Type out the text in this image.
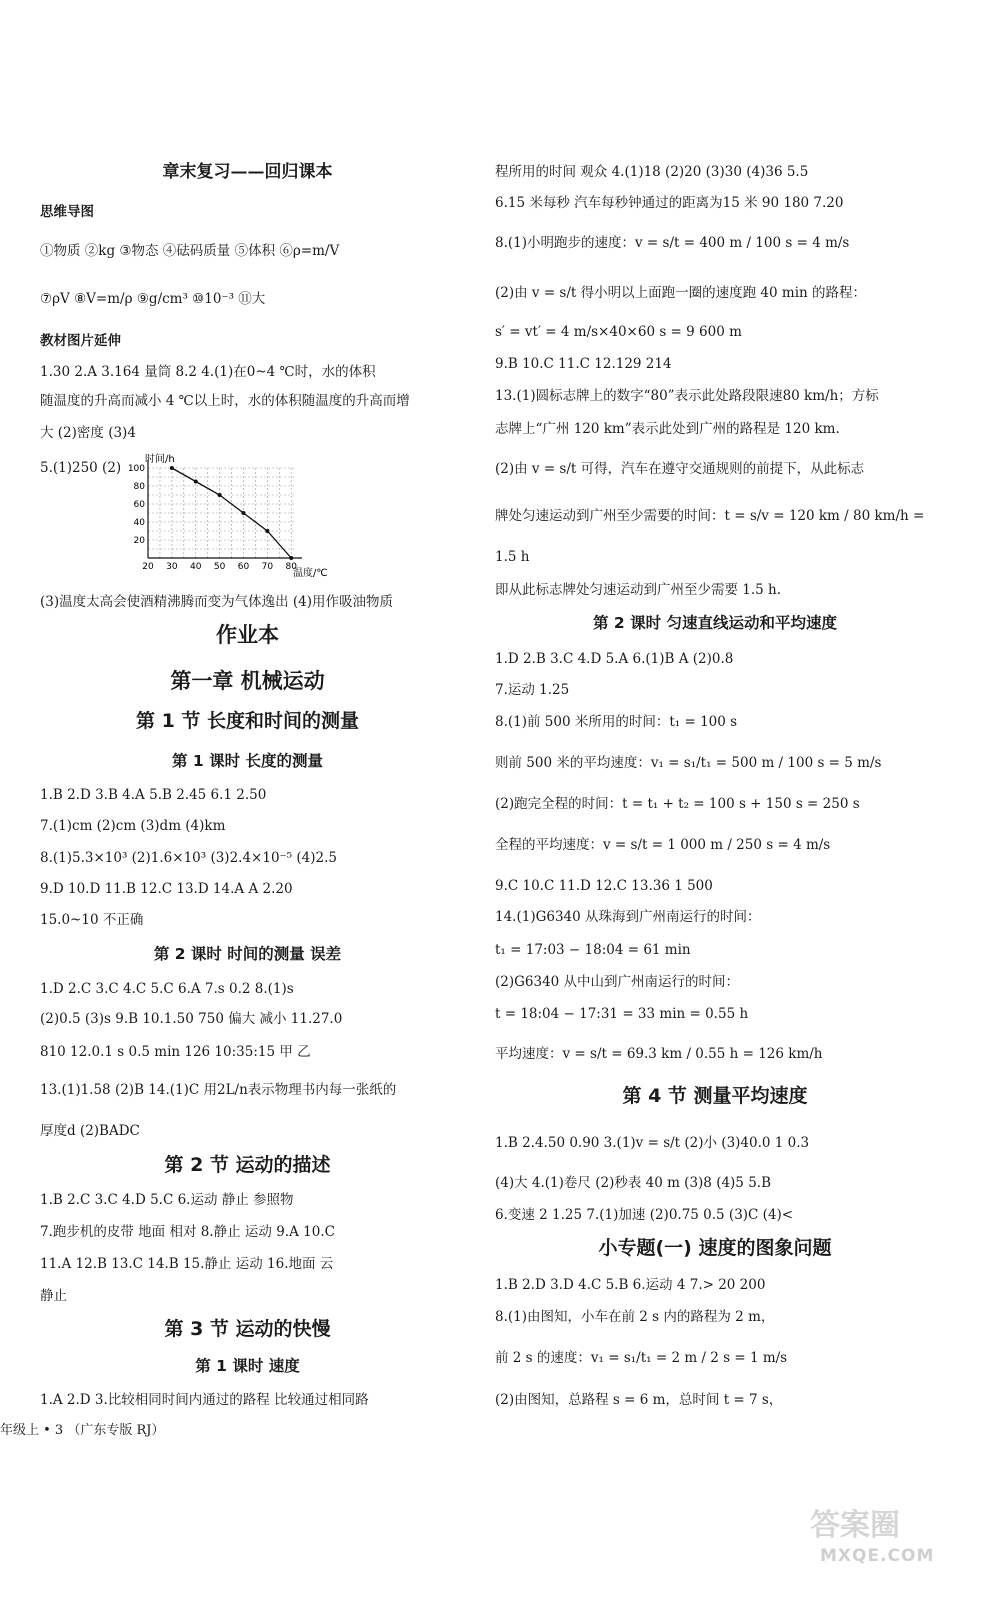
章末复习——回归课本
思维导图
①物质 ②kg ③物态 ④砝码质量 ⑤体积 ⑥ρ=m/V
⑦ρV ⑧V=m/ρ ⑨g/cm³ ⑩10⁻³ ⑪大
教材图片延伸
1.30 2.A 3.164 量筒 8.2 4.(1)在0~4 ℃时，水的体积
随温度的升高而减小 4 ℃以上时，水的体积随温度的升高而增
大 (2)密度 (3)4
5.(1)250 (2)
(3)温度太高会使酒精沸腾而变为气体逸出 (4)用作吸油物质
作业本
第一章 机械运动
第 1 节 长度和时间的测量
第 1 课时 长度的测量
1.B 2.D 3.B 4.A 5.B 2.45 6.1 2.50
7.(1)cm (2)cm (3)dm (4)km
8.(1)5.3×10³ (2)1.6×10³ (3)2.4×10⁻⁵ (4)2.5
9.D 10.D 11.B 12.C 13.D 14.A A 2.20
15.0~10 不正确
第 2 课时 时间的测量 误差
1.D 2.C 3.C 4.C 5.C 6.A 7.s 0.2 8.(1)s
(2)0.5 (3)s 9.B 10.1.50 750 偏大 减小 11.27.0
810 12.0.1 s 0.5 min 126 10:35:15 甲 乙
13.(1)1.58 (2)B 14.(1)C 用2L/n表示物理书内每一张纸的
厚度d (2)BADC
第 2 节 运动的描述
1.B 2.C 3.C 4.D 5.C 6.运动 静止 参照物
7.跑步机的皮带 地面 相对 8.静止 运动 9.A 10.C
11.A 12.B 13.C 14.B 15.静止 运动 16.地面 云
静止
第 3 节 运动的快慢
第 1 课时 速度
1.A 2.D 3.比较相同时间内通过的路程 比较通过相同路
年级上 • 3 （广东专版 RJ）
100
80
60
40
20
20 30 40 50 60 70 80
时间/h
温度/℃
程所用的时间 观众 4.(1)18 (2)20 (3)30 (4)36 5.5
6.15 米每秒 汽车每秒钟通过的距离为15 米 90 180 7.20
8.(1)小明跑步的速度：v = s/t = 400 m / 100 s = 4 m/s
(2)由 v = s/t 得小明以上面跑一圈的速度跑 40 min 的路程：
s′ = vt′ = 4 m/s×40×60 s = 9 600 m
9.B 10.C 11.C 12.129 214
13.(1)圆标志牌上的数字“80”表示此处路段限速80 km/h；方标
志牌上“广州 120 km”表示此处到广州的路程是 120 km.
(2)由 v = s/t 可得，汽车在遵守交通规则的前提下，从此标志
牌处匀速运动到广州至少需要的时间：t = s/v = 120 km / 80 km/h =
1.5 h
即从此标志牌处匀速运动到广州至少需要 1.5 h.
第 2 课时 匀速直线运动和平均速度
1.D 2.B 3.C 4.D 5.A 6.(1)B A (2)0.8
7.运动 1.25
8.(1)前 500 米所用的时间：t₁ = 100 s
则前 500 米的平均速度：v₁ = s₁/t₁ = 500 m / 100 s = 5 m/s
(2)跑完全程的时间：t = t₁ + t₂ = 100 s + 150 s = 250 s
全程的平均速度：v = s/t = 1 000 m / 250 s = 4 m/s
9.C 10.C 11.D 12.C 13.36 1 500
14.(1)G6340 从珠海到广州南运行的时间：
t₁ = 17:03 − 18:04 = 61 min
(2)G6340 从中山到广州南运行的时间：
t = 18:04 − 17:31 = 33 min = 0.55 h
平均速度：v = s/t = 69.3 km / 0.55 h = 126 km/h
第 4 节 测量平均速度
1.B 2.4.50 0.90 3.(1)v = s/t (2)小 (3)40.0 1 0.3
(4)大 4.(1)卷尺 (2)秒表 40 m (3)8 (4)5 5.B
6.变速 2 1.25 7.(1)加速 (2)0.75 0.5 (3)C (4)<
小专题(一) 速度的图象问题
1.B 2.D 3.D 4.C 5.B 6.运动 4 7.> 20 200
8.(1)由图知，小车在前 2 s 内的路程为 2 m，
前 2 s 的速度：v₁ = s₁/t₁ = 2 m / 2 s = 1 m/s
(2)由图知，总路程 s = 6 m，总时间 t = 7 s，
答案圈
MXQE.COM
